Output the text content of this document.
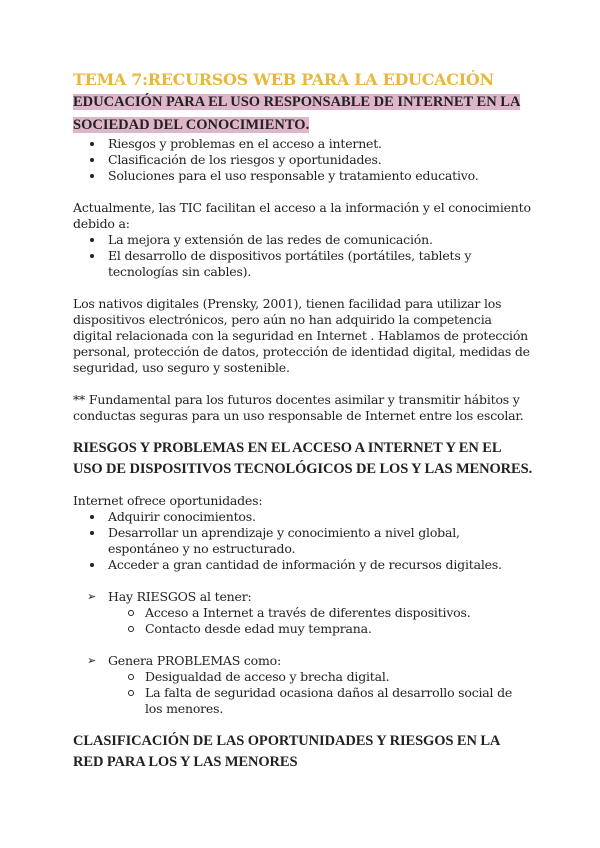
TEMA 7:RECURSOS WEB PARA LA EDUCACIÓN
EDUCACIÓN PARA EL USO RESPONSABLE DE INTERNET EN LA SOCIEDAD DEL CONOCIMIENTO.
Riesgos y problemas en el acceso a internet.
Clasificación de los riesgos y oportunidades.
Soluciones para el uso responsable y tratamiento educativo.

Actualmente, las TIC facilitan el acceso a la información y el conocimiento debido a:

La mejora y extensión de las redes de comunicación.
El desarrollo de dispositivos portátiles (portátiles, tablets y tecnologías sin cables).

Los nativos digitales (Prensky, 2001), tienen facilidad para utilizar los dispositivos electrónicos, pero aún no han adquirido la competencia digital relacionada con la seguridad en Internet . Hablamos de protección personal, protección de datos, protección de identidad digital, medidas de seguridad, uso seguro y sostenible.

** Fundamental para los futuros docentes asimilar y transmitir hábitos y conductas seguras para un uso responsable de Internet entre los escolar.

RIESGOS Y PROBLEMAS EN EL ACCESO A INTERNET Y EN EL USO DE DISPOSITIVOS TECNOLÓGICOS DE LOS Y LAS MENORES.

Internet ofrece oportunidades:

Adquirir conocimientos.
Desarrollar un aprendizaje y conocimiento a nivel global, espontáneo y no estructurado.
Acceder a gran cantidad de información y de recursos digitales.
➢ Hay RIESGOS al tener:
Acceso a Internet a través de diferentes dispositivos.
Contacto desde edad muy temprana.
➢ Genera PROBLEMAS como:
Desigualdad de acceso y brecha digital.
La falta de seguridad ocasiona daños al desarrollo social de los menores.
CLASIFICACIÓN DE LAS OPORTUNIDADES Y RIESGOS EN LA RED PARA LOS Y LAS MENORES
